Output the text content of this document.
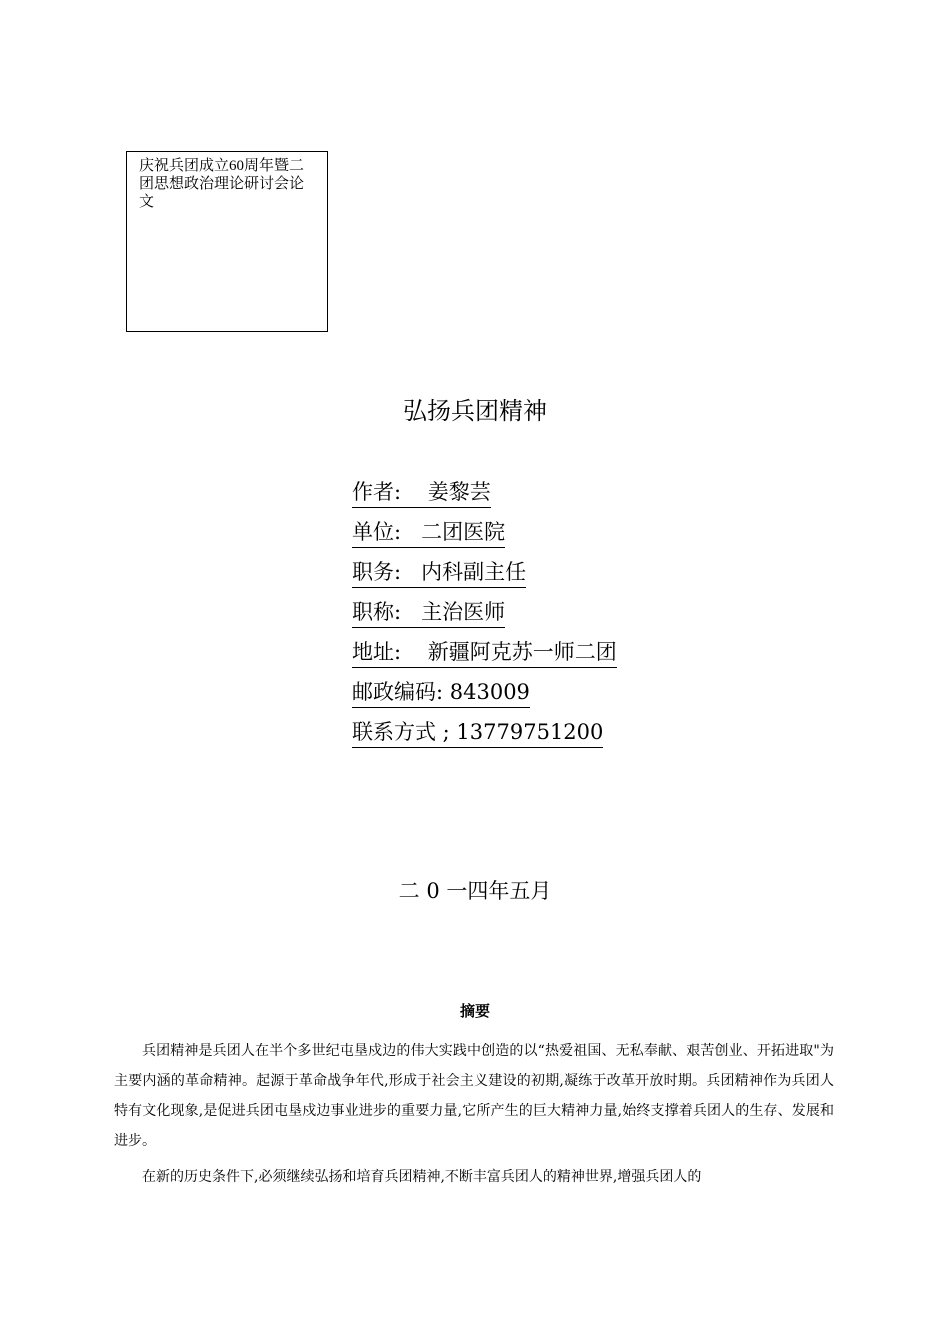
庆祝兵团成立60周年暨二团思想政治理论研讨会论文
弘扬兵团精神
作者:    姜黎芸
单位:   二团医院
职务:   内科副主任
职称:   主治医师
地址:    新疆阿克苏一师二团
邮政编码: 843009
联系方式 ; 13779751200
二 0 一四年五月
摘要

兵团精神是兵团人在半个多世纪屯垦戍边的伟大实践中创造的以“热爱祖国、无私奉献、艰苦创业、开拓进取"为主要内涵的革命精神。起源于革命战争年代,形成于社会主义建设的初期,凝练于改革开放时期。兵团精神作为兵团人特有文化现象,是促进兵团屯垦戍边事业进步的重要力量,它所产生的巨大精神力量,始终支撑着兵团人的生存、发展和进步。

在新的历史条件下,必须继续弘扬和培育兵团精神,不断丰富兵团人的精神世界,增强兵团人的
